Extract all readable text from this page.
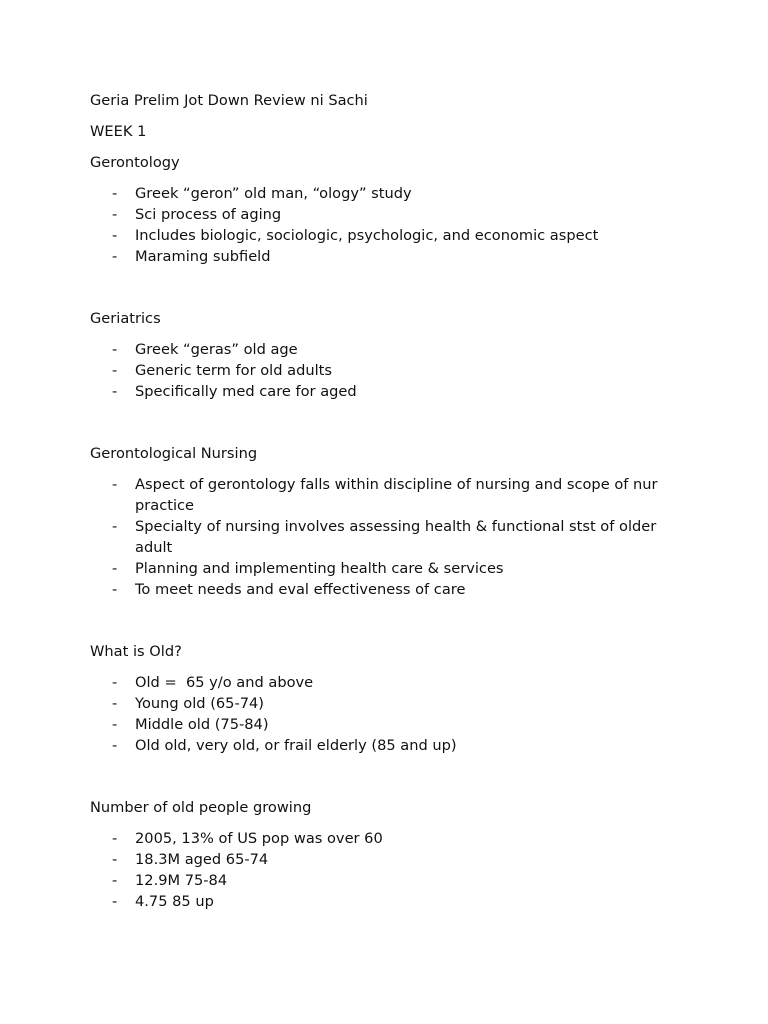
Geria Prelim Jot Down Review ni Sachi

WEEK 1

Gerontology

- Greek “geron” old man, “ology” study
- Sci process of aging
- Includes biologic, sociologic, psychologic, and economic aspect
- Maraming subfield

Geriatrics

- Greek “geras” old age
- Generic term for old adults
- Specifically med care for aged

Gerontological Nursing

- Aspect of gerontology falls within discipline of nursing and scope of nur practice
- Specialty of nursing involves assessing health & functional stst of older adult
- Planning and implementing health care & services
- To meet needs and eval effectiveness of care

What is Old?

- Old =  65 y/o and above
- Young old (65-74)
- Middle old (75-84)
- Old old, very old, or frail elderly (85 and up)

Number of old people growing

- 2005, 13% of US pop was over 60
- 18.3M aged 65-74
- 12.9M 75-84
- 4.75 85 up
